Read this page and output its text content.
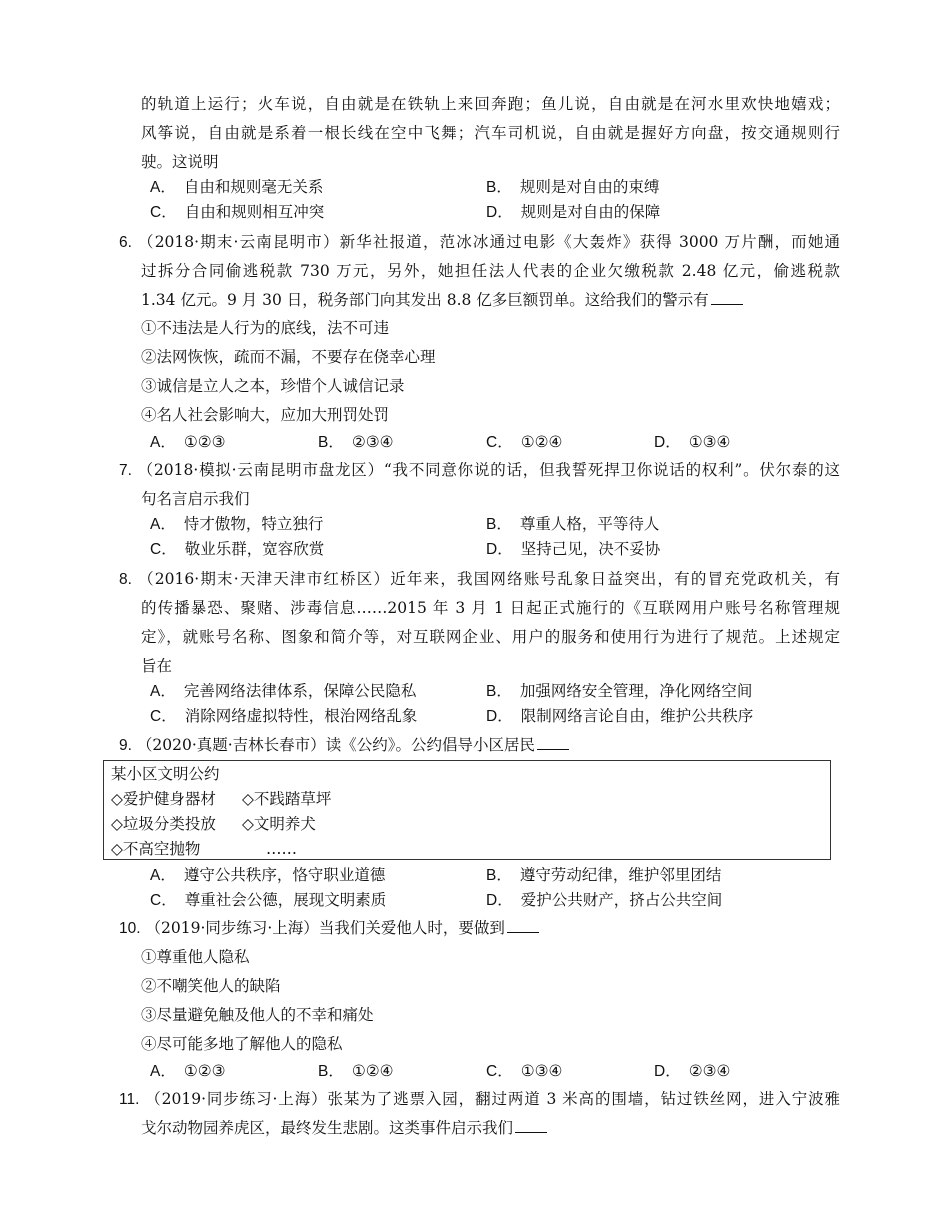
的轨道上运行；火车说，自由就是在铁轨上来回奔跑；鱼儿说，自由就是在河水里欢快地嬉戏；
风筝说，自由就是系着一根长线在空中飞舞；汽车司机说，自由就是握好方向盘，按交通规则行
驶。这说明
A． 自由和规则毫无关系	B． 规则是对自由的束缚
C． 自由和规则相互冲突	D． 规则是对自由的保障
6. （2018·期末·云南昆明市）新华社报道，范冰冰通过电影《大轰炸》获得 3000 万片酬，而她通
过拆分合同偷逃税款 730 万元，另外，她担任法人代表的企业欠缴税款 2.48 亿元，偷逃税款
1.34 亿元。9 月 30 日，税务部门向其发出 8.8 亿多巨额罚单。这给我们的警示有
①不违法是人行为的底线，法不可违
②法网恢恢，疏而不漏，不要存在侥幸心理
③诚信是立人之本，珍惜个人诚信记录
④名人社会影响大，应加大刑罚处罚
A． ①②③	B． ②③④	C． ①②④	D． ①③④
7. （2018·模拟·云南昆明市盘龙区）“我不同意你说的话，但我誓死捍卫你说话的权利”。伏尔泰的这
句名言启示我们
A． 恃才傲物，特立独行	B． 尊重人格，平等待人
C． 敬业乐群，宽容欣赏	D． 坚持己见，决不妥协
8. （2016·期末·天津天津市红桥区）近年来，我国网络账号乱象日益突出，有的冒充党政机关，有
的传播暴恐、聚赌、涉毒信息……2015 年 3 月 1 日起正式施行的《互联网用户账号名称管理规
定》，就账号名称、图象和简介等，对互联网企业、用户的服务和使用行为进行了规范。上述规定
旨在
A． 完善网络法律体系，保障公民隐私	B． 加强网络安全管理，净化网络空间
C． 消除网络虚拟特性，根治网络乱象	D． 限制网络言论自由，维护公共秩序
9. （2020·真题·吉林长春市）读《公约》。公约倡导小区居民
某小区文明公约
◇爱护健身器材 ◇不践踏草坪
◇垃圾分类投放 ◇文明养犬
◇不高空抛物	……
A． 遵守公共秩序，恪守职业道德	B． 遵守劳动纪律，维护邻里团结
C． 尊重社会公德，展现文明素质	D． 爱护公共财产，挤占公共空间
10. （2019·同步练习·上海）当我们关爱他人时，要做到
①尊重他人隐私
②不嘲笑他人的缺陷
③尽量避免触及他人的不幸和痛处
④尽可能多地了解他人的隐私
A． ①②③	B． ①②④	C． ①③④	D． ②③④
11. （2019·同步练习·上海）张某为了逃票入园，翻过两道 3 米高的围墙，钻过铁丝网，进入宁波雅
戈尔动物园养虎区，最终发生悲剧。这类事件启示我们
